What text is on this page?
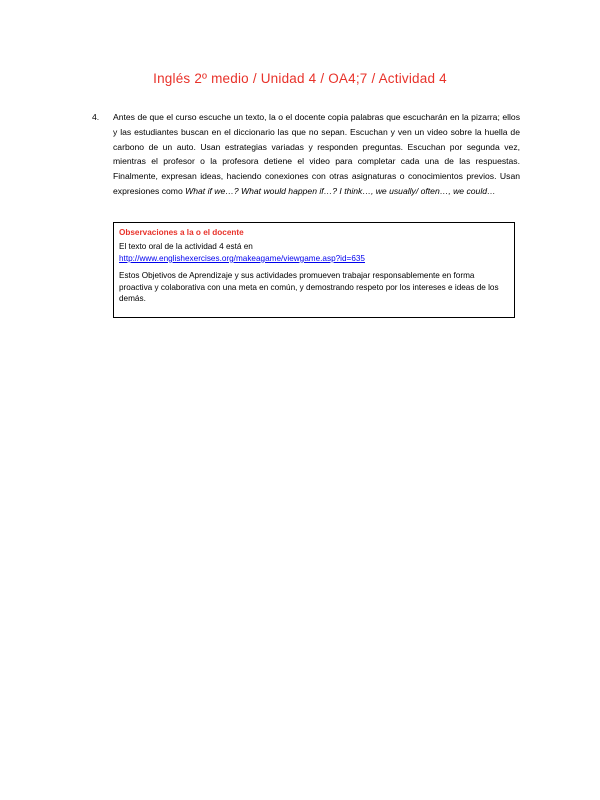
Inglés 2º medio / Unidad 4 / OA4;7 / Actividad 4
4. Antes de que el curso escuche un texto, la o el docente copia palabras que escucharán en la pizarra; ellos y las estudiantes buscan en el diccionario las que no sepan. Escuchan y ven un video sobre la huella de carbono de un auto. Usan estrategias variadas y responden preguntas. Escuchan por segunda vez, mientras el profesor o la profesora detiene el video para completar cada una de las respuestas. Finalmente, expresan ideas, haciendo conexiones con otras asignaturas o conocimientos previos. Usan expresiones como What if we…? What would happen if…? I think…, we usually/ often…, we could…
Observaciones a la o el docente
El texto oral de la actividad 4 está en
http://www.englishexercises.org/makeagame/viewgame.asp?id=635
Estos Objetivos de Aprendizaje y sus actividades promueven trabajar responsablemente en forma proactiva y colaborativa con una meta en común, y demostrando respeto por los intereses e ideas de los demás.
